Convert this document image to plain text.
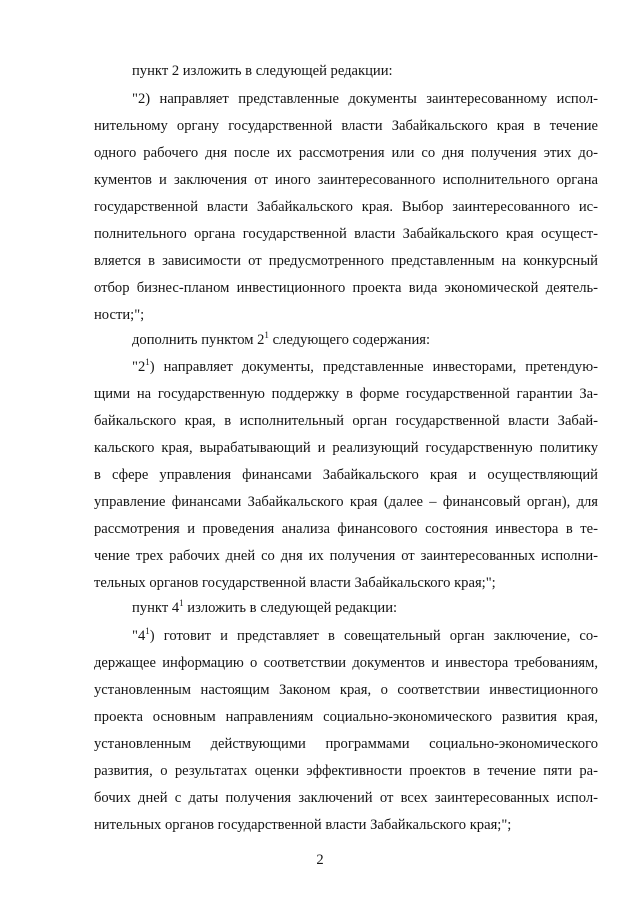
пункт 2 изложить в следующей редакции:
"2) направляет представленные документы заинтересованному испол-
нительному органу государственной власти Забайкальского края в течение
одного рабочего дня после их рассмотрения или со дня получения этих до-
кументов и заключения от иного заинтересованного исполнительного органа
государственной власти Забайкальского края. Выбор заинтересованного ис-
полнительного органа государственной власти Забайкальского края осущест-
вляется в зависимости от предусмотренного представленным на конкурсный
отбор бизнес-планом инвестиционного проекта вида экономической деятель-
ности;";
дополнить пунктом $2^1$ следующего содержания:
"$2^1$) направляет документы, представленные инвесторами, претендую-
щими на государственную поддержку в форме государственной гарантии За-
байкальского края, в исполнительный орган государственной власти Забай-
кальского края, вырабатывающий и реализующий государственную политику
в сфере управления финансами Забайкальского края и осуществляющий
управление финансами Забайкальского края (далее – финансовый орган), для
рассмотрения и проведения анализа финансового состояния инвестора в те-
чение трех рабочих дней со дня их получения от заинтересованных исполни-
тельных органов государственной власти Забайкальского края;";
пункт $4^1$ изложить в следующей редакции:
"$4^1$) готовит и представляет в совещательный орган заключение, со-
держащее информацию о соответствии документов и инвестора требованиям,
установленным настоящим Законом края, о соответствии инвестиционного
проекта основным направлениям социально-экономического развития края,
установленным действующими программами социально-экономического
развития, о результатах оценки эффективности проектов в течение пяти ра-
бочих дней с даты получения заключений от всех заинтересованных испол-
нительных органов государственной власти Забайкальского края;";
2
